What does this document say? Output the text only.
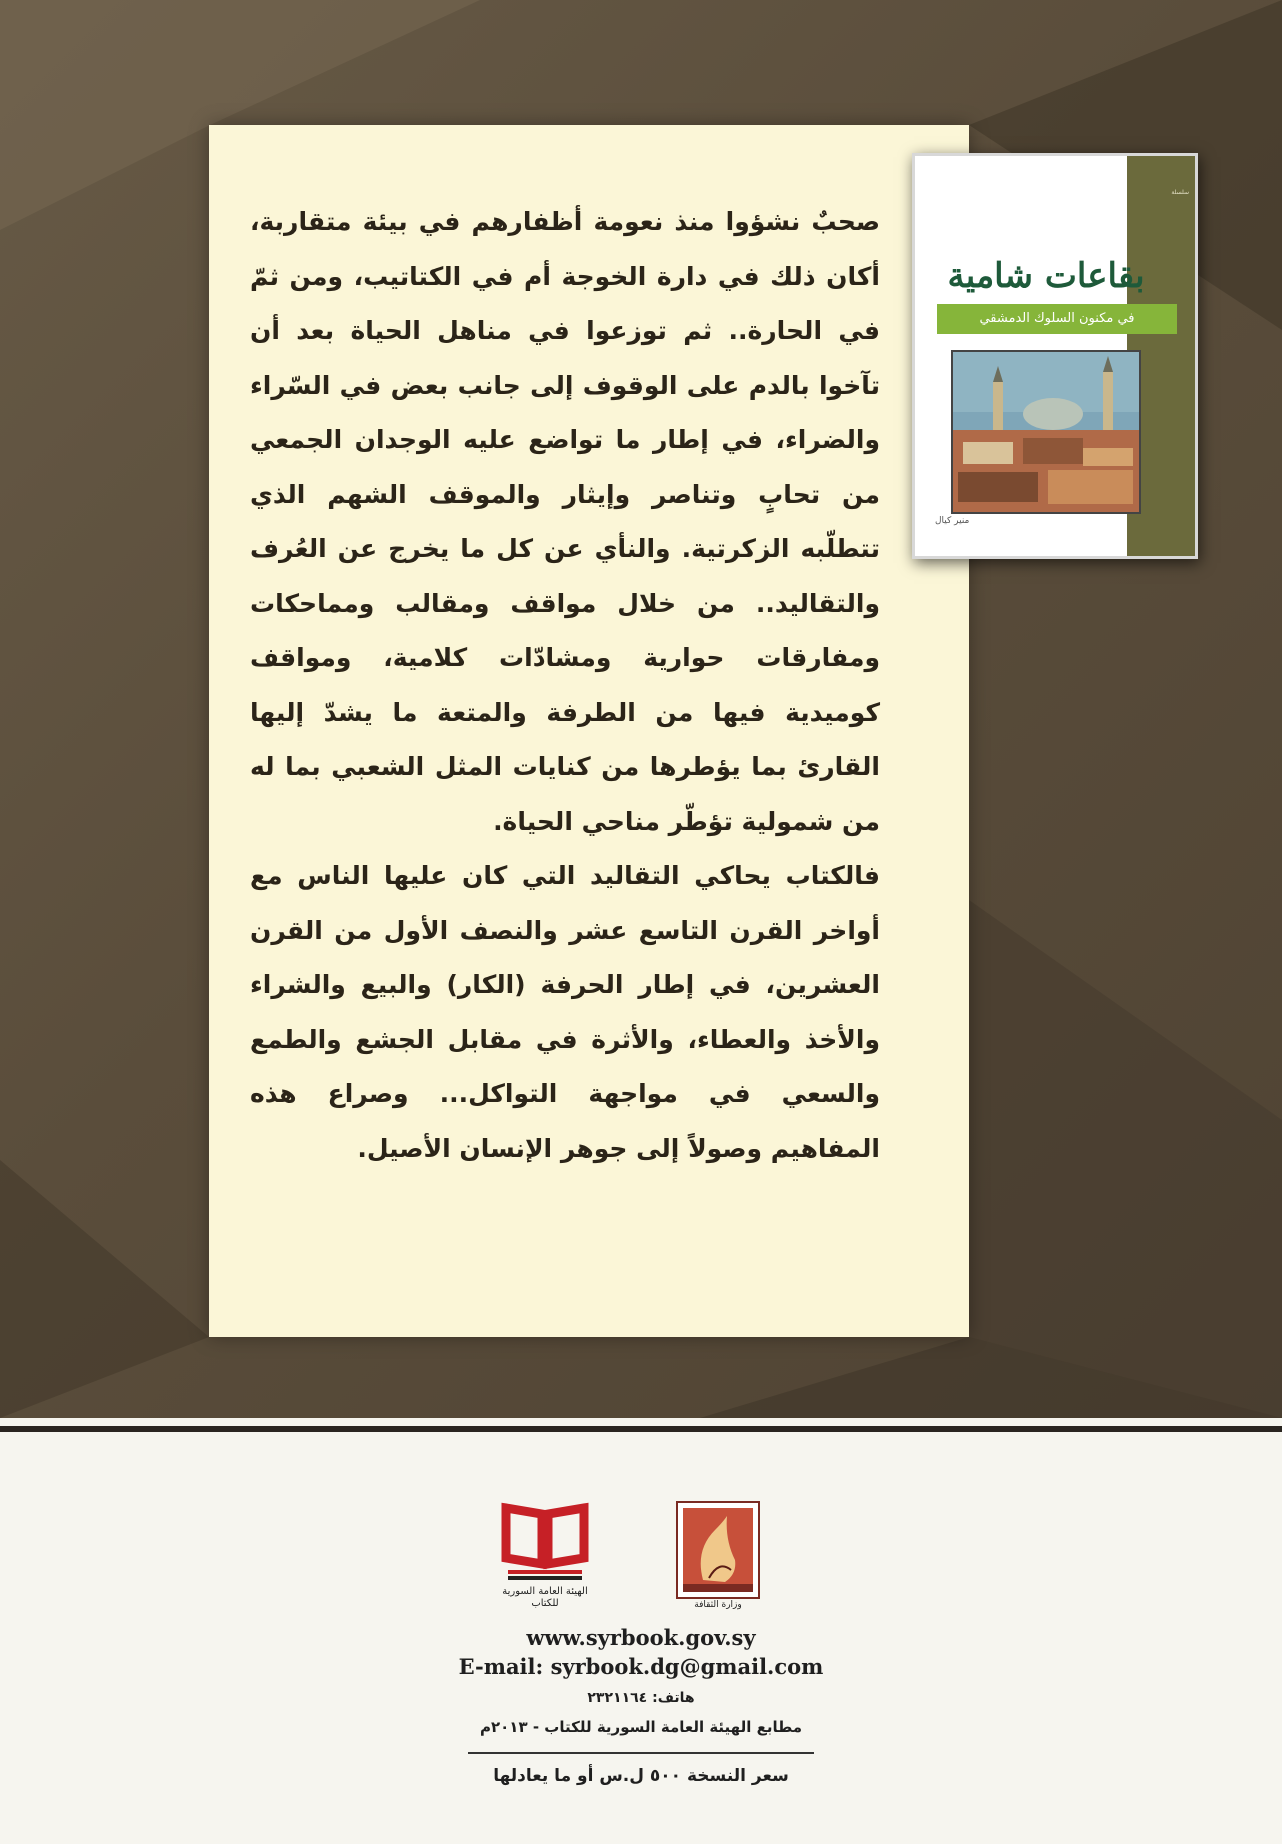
صحبٌ نشؤوا منذ نعومة أظفارهم في بيئة متقاربة، أكان ذلك في دارة الخوجة أم في الكتاتيب، ومن ثمّ في الحارة.. ثم توزعوا في مناهل الحياة بعد أن تآخوا بالدم على الوقوف إلى جانب بعض في السّراء والضراء، في إطار ما تواضع عليه الوجدان الجمعي من تحابٍ وتناصر وإيثار والموقف الشهم الذي تتطلّبه الزكرتية. والنأي عن كل ما يخرج عن العُرف والتقاليد.. من خلال مواقف ومقالب ومماحكات ومفارقات حوارية ومشادّات كلامية، ومواقف كوميدية فيها من الطرفة والمتعة ما يشدّ إليها القارئ بما يؤطرها من كنايات المثل الشعبي بما له من شمولية تؤطّر مناحي الحياة.

فالكتاب يحاكي التقاليد التي كان عليها الناس مع أواخر القرن التاسع عشر والنصف الأول من القرن العشرين، في إطار الحرفة (الكار) والبيع والشراء والأخذ والعطاء، والأثرة في مقابل الجشع والطمع والسعي في مواجهة التواكل... وصراع هذه المفاهيم وصولاً إلى جوهر الإنسان الأصيل.

سلسلة
بقاعات شامية
في مكنون السلوك الدمشقي
منير كيال
وزارة الثقافة
الهيئة العامة السورية للكتاب
www.syrbook.gov.sy
E-mail: syrbook.dg@gmail.com
هاتف: ٢٣٢١١٦٤
مطابع الهيئة العامة السورية للكتاب - ٢٠١٣م
سعر النسخة ٥٠٠ ل.س أو ما يعادلها
